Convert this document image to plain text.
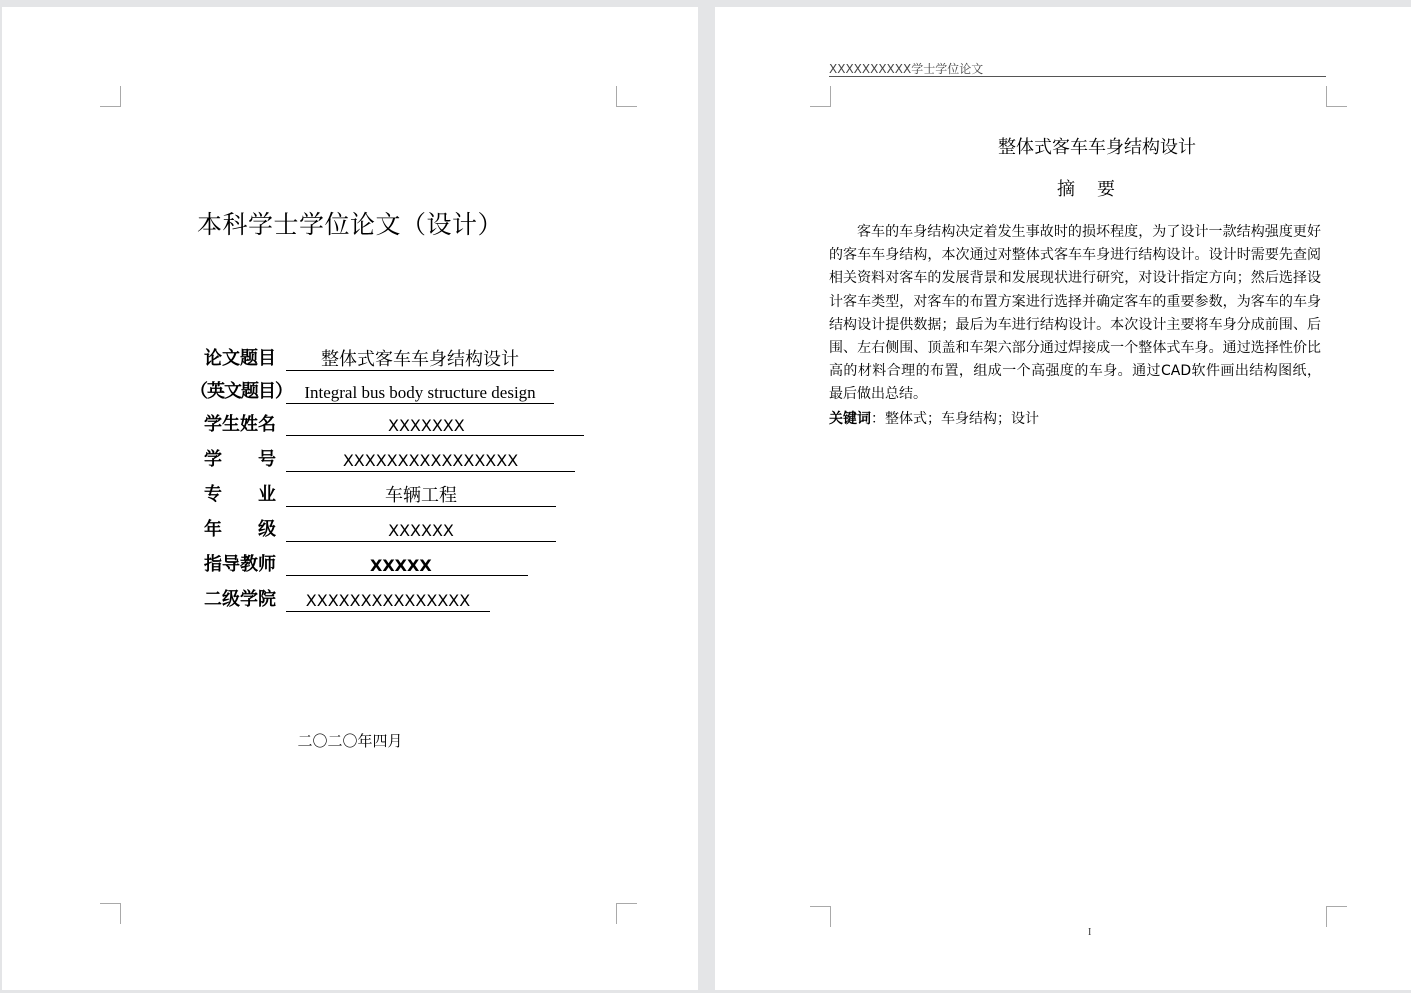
本科学士学位论文（设计）
论文题目	整体式客车车身结构设计
（英文题目） Integral bus body structure design
学生姓名	XXXXXXX
学　　号	XXXXXXXXXXXXXXXX
专　　业	车辆工程
年　　级	XXXXXX
指导教师	XXXXX
二级学院	XXXXXXXXXXXXXXX
二〇二〇年四月
XXXXXXXXXX学士学位论文
整体式客车车身结构设计
摘要
客车的车身结构决定着发生事故时的损坏程度，为了设计一款结构强度更好的客车车身结构，本次通过对整体式客车车身进行结构设计。设计时需要先查阅相关资料对客车的发展背景和发展现状进行研究，对设计指定方向；然后选择设计客车类型，对客车的布置方案进行选择并确定客车的重要参数，为客车的车身结构设计提供数据；最后为车进行结构设计。本次设计主要将车身分成前围、后围、左右侧围、顶盖和车架六部分通过焊接成一个整体式车身。通过选择性价比高的材料合理的布置，组成一个高强度的车身。通过CAD软件画出结构图纸，最后做出总结。
关键词：整体式；车身结构；设计
I
